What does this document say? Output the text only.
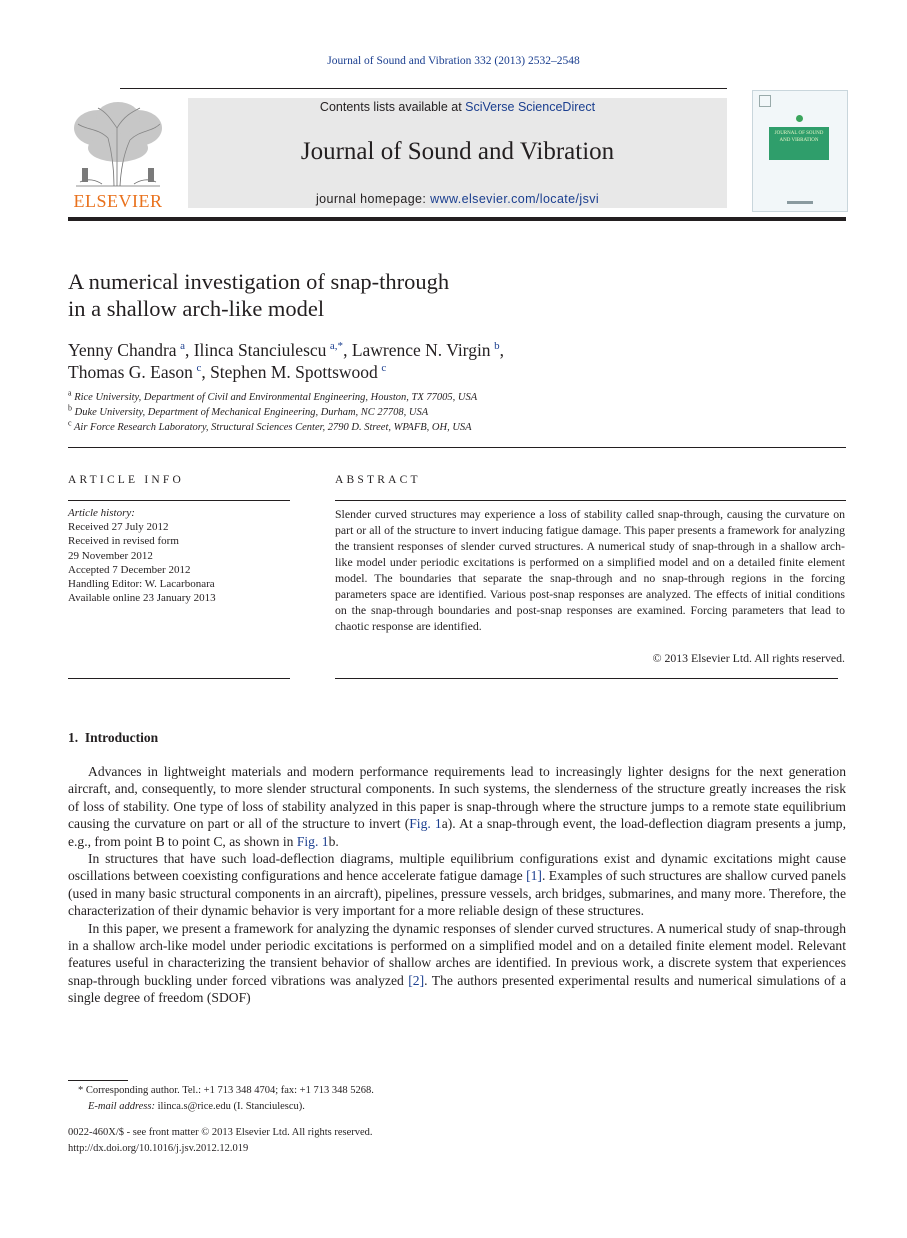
Journal of Sound and Vibration 332 (2013) 2532–2548
ELSEVIER
Contents lists available at SciVerse ScienceDirect
Journal of Sound and Vibration
journal homepage: www.elsevier.com/locate/jsvi
JOURNAL OF SOUND AND VIBRATION
A numerical investigation of snap-through
in a shallow arch-like model
Yenny Chandra  $^a$, Ilinca Stanciulescu  $^{a,*}$, Lawrence N. Virgin  $^b$,
Thomas G. Eason  $^c$, Stephen M. Spottswood  $^c$
$^a$ Rice University, Department of Civil and Environmental Engineering, Houston, TX 77005, USA
$^b$ Duke University, Department of Mechanical Engineering, Durham, NC 27708, USA
$^c$ Air Force Research Laboratory, Structural Sciences Center, 2790 D. Street, WPAFB, OH, USA
ARTICLE INFO
Article history:
Received 27 July 2012
Received in revised form
29 November 2012
Accepted 7 December 2012
Handling Editor: W. Lacarbonara
Available online 23 January 2013
ABSTRACT
Slender curved structures may experience a loss of stability called snap-through, causing the curvature on part or all of the structure to invert inducing fatigue damage. This paper presents a framework for analyzing the transient responses of slender curved structures. A numerical study of snap-through in a shallow arch-like model under periodic excitations is performed on a simplified model and on a detailed finite element model. The boundaries that separate the snap-through and no snap-through regions in the forcing parameters space are identified. Various post-snap responses are analyzed. The effects of initial conditions on the snap-through boundaries and post-snap responses are examined. Forcing parameters that lead to chaotic response are identified.
© 2013 Elsevier Ltd. All rights reserved.
1. Introduction

Advances in lightweight materials and modern performance requirements lead to increasingly lighter designs for the next generation aircraft, and, consequently, to more slender structural components. In such systems, the slenderness of the structure greatly increases the risk of loss of stability. One type of loss of stability analyzed in this paper is snap-through where the structure jumps to a remote state equilibrium causing the curvature on part or all of the structure to invert (Fig. 1a). At a snap-through event, the load-deflection diagram presents a jump, e.g., from point B to point C, as shown in Fig. 1b.

In structures that have such load-deflection diagrams, multiple equilibrium configurations exist and dynamic excitations might cause oscillations between coexisting configurations and hence accelerate fatigue damage [1]. Examples of such structures are shallow curved panels (used in many basic structural components in an aircraft), pipelines, pressure vessels, arch bridges, submarines, and many more. Therefore, the characterization of their dynamic behavior is very important for a more reliable design of these structures.

In this paper, we present a framework for analyzing the dynamic responses of slender curved structures. A numerical study of snap-through in a shallow arch-like model under periodic excitations is performed on a simplified model and on a detailed finite element model. Relevant features useful in characterizing the transient behavior of shallow arches are identified. In previous work, a discrete system that experiences snap-through buckling under forced vibrations was analyzed [2]. The authors presented experimental results and numerical simulations of a single degree of freedom (SDOF)

* Corresponding author. Tel.: +1 713 348 4704; fax: +1 713 348 5268.
E-mail address: ilinca.s@rice.edu (I. Stanciulescu).
0022-460X/$ - see front matter © 2013 Elsevier Ltd. All rights reserved.
http://dx.doi.org/10.1016/j.jsv.2012.12.019
